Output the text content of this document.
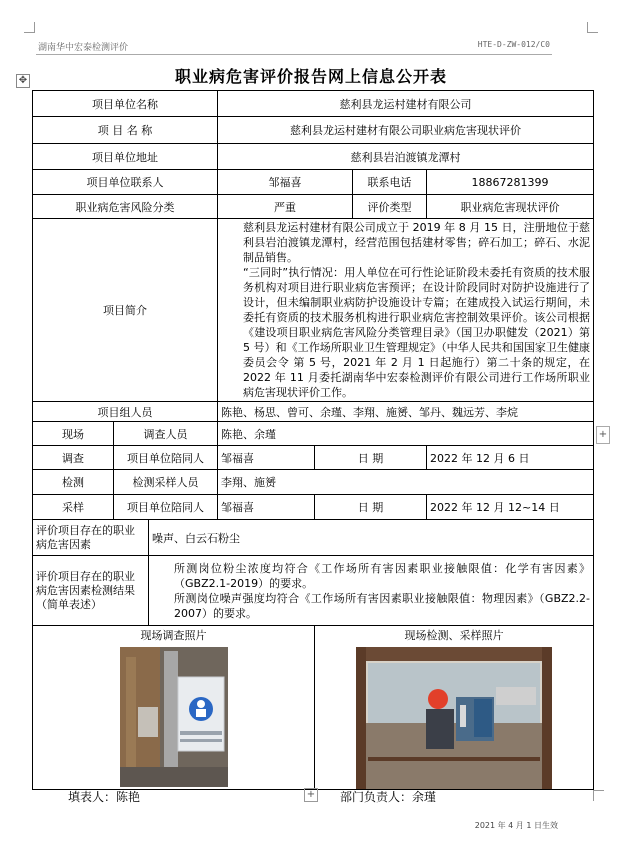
湖南华中宏泰检测评价	HTE-D-ZW-012/C0
✥
+
职业病危害评价报告网上信息公开表
项目单位名称			慈利县龙运村建材有限公司			
项 目 名 称			慈利县龙运村建材有限公司职业病危害现状评价			
项目单位地址			慈利县岩泊渡镇龙潭村			
项目单位联系人			邹福喜		联系电话	18867281399
职业病危害风险分类			严重		评价类型	职业病危害现状评价
项目简介			慈利县龙运村建材有限公司成立于 2019 年 8 月 15 日，注册地位于慈利县岩泊渡镇龙潭村，经营范围包括建材零售；碎石加工；碎石、水泥制品销售。
“三同时”执行情况：用人单位在可行性论证阶段未委托有资质的技术服务机构对项目进行职业病危害预评；在设计阶段同时对防护设施进行了设计，但未编制职业病防护设施设计专篇；在建成投入试运行期间，未委托有资质的技术服务机构进行职业病危害控制效果评价。该公司根据《建设项目职业病危害风险分类管理目录》（国卫办职健发（2021）第 5 号）和《工作场所职业卫生管理规定》（中华人民共和国国家卫生健康委员会令 第 5 号，2021 年 2 月 1 日起施行）第二十条的规定，在 2022 年 11 月委托湖南华中宏泰检测评价有限公司进行工作场所职业病危害现状评价工作。			

项目组人员			陈艳、杨思、曾可、余瑾、李翔、施赟、邹丹、魏远芳、李烷			
现场	调查人员		陈艳、余瑾			
调查	项目单位陪同人		邹福喜	日 期		2022 年 12 月 6 日
检测	检测采样人员		李翔、施赟			
采样	项目单位陪同人		邹福喜	日 期		2022 年 12 月 12~14 日
评价项目存在的职业病危害因素		噪声、白云石粉尘				
评价项目存在的职业病危害因素检测结果（简单表述）		所测岗位粉尘浓度均符合《工作场所有害因素职业接触限值：化学有害因素》（GBZ2.1-2019）的要求。
所测岗位噪声强度均符合《工作场所有害因素职业接触限值：物理因素》（GBZ2.2-2007）的要求。				

现场调查照片				现场检测、采样照片		
填表人：陈艳	+ 部门负责人：余瑾
2021 年 4 月 1 日生效
